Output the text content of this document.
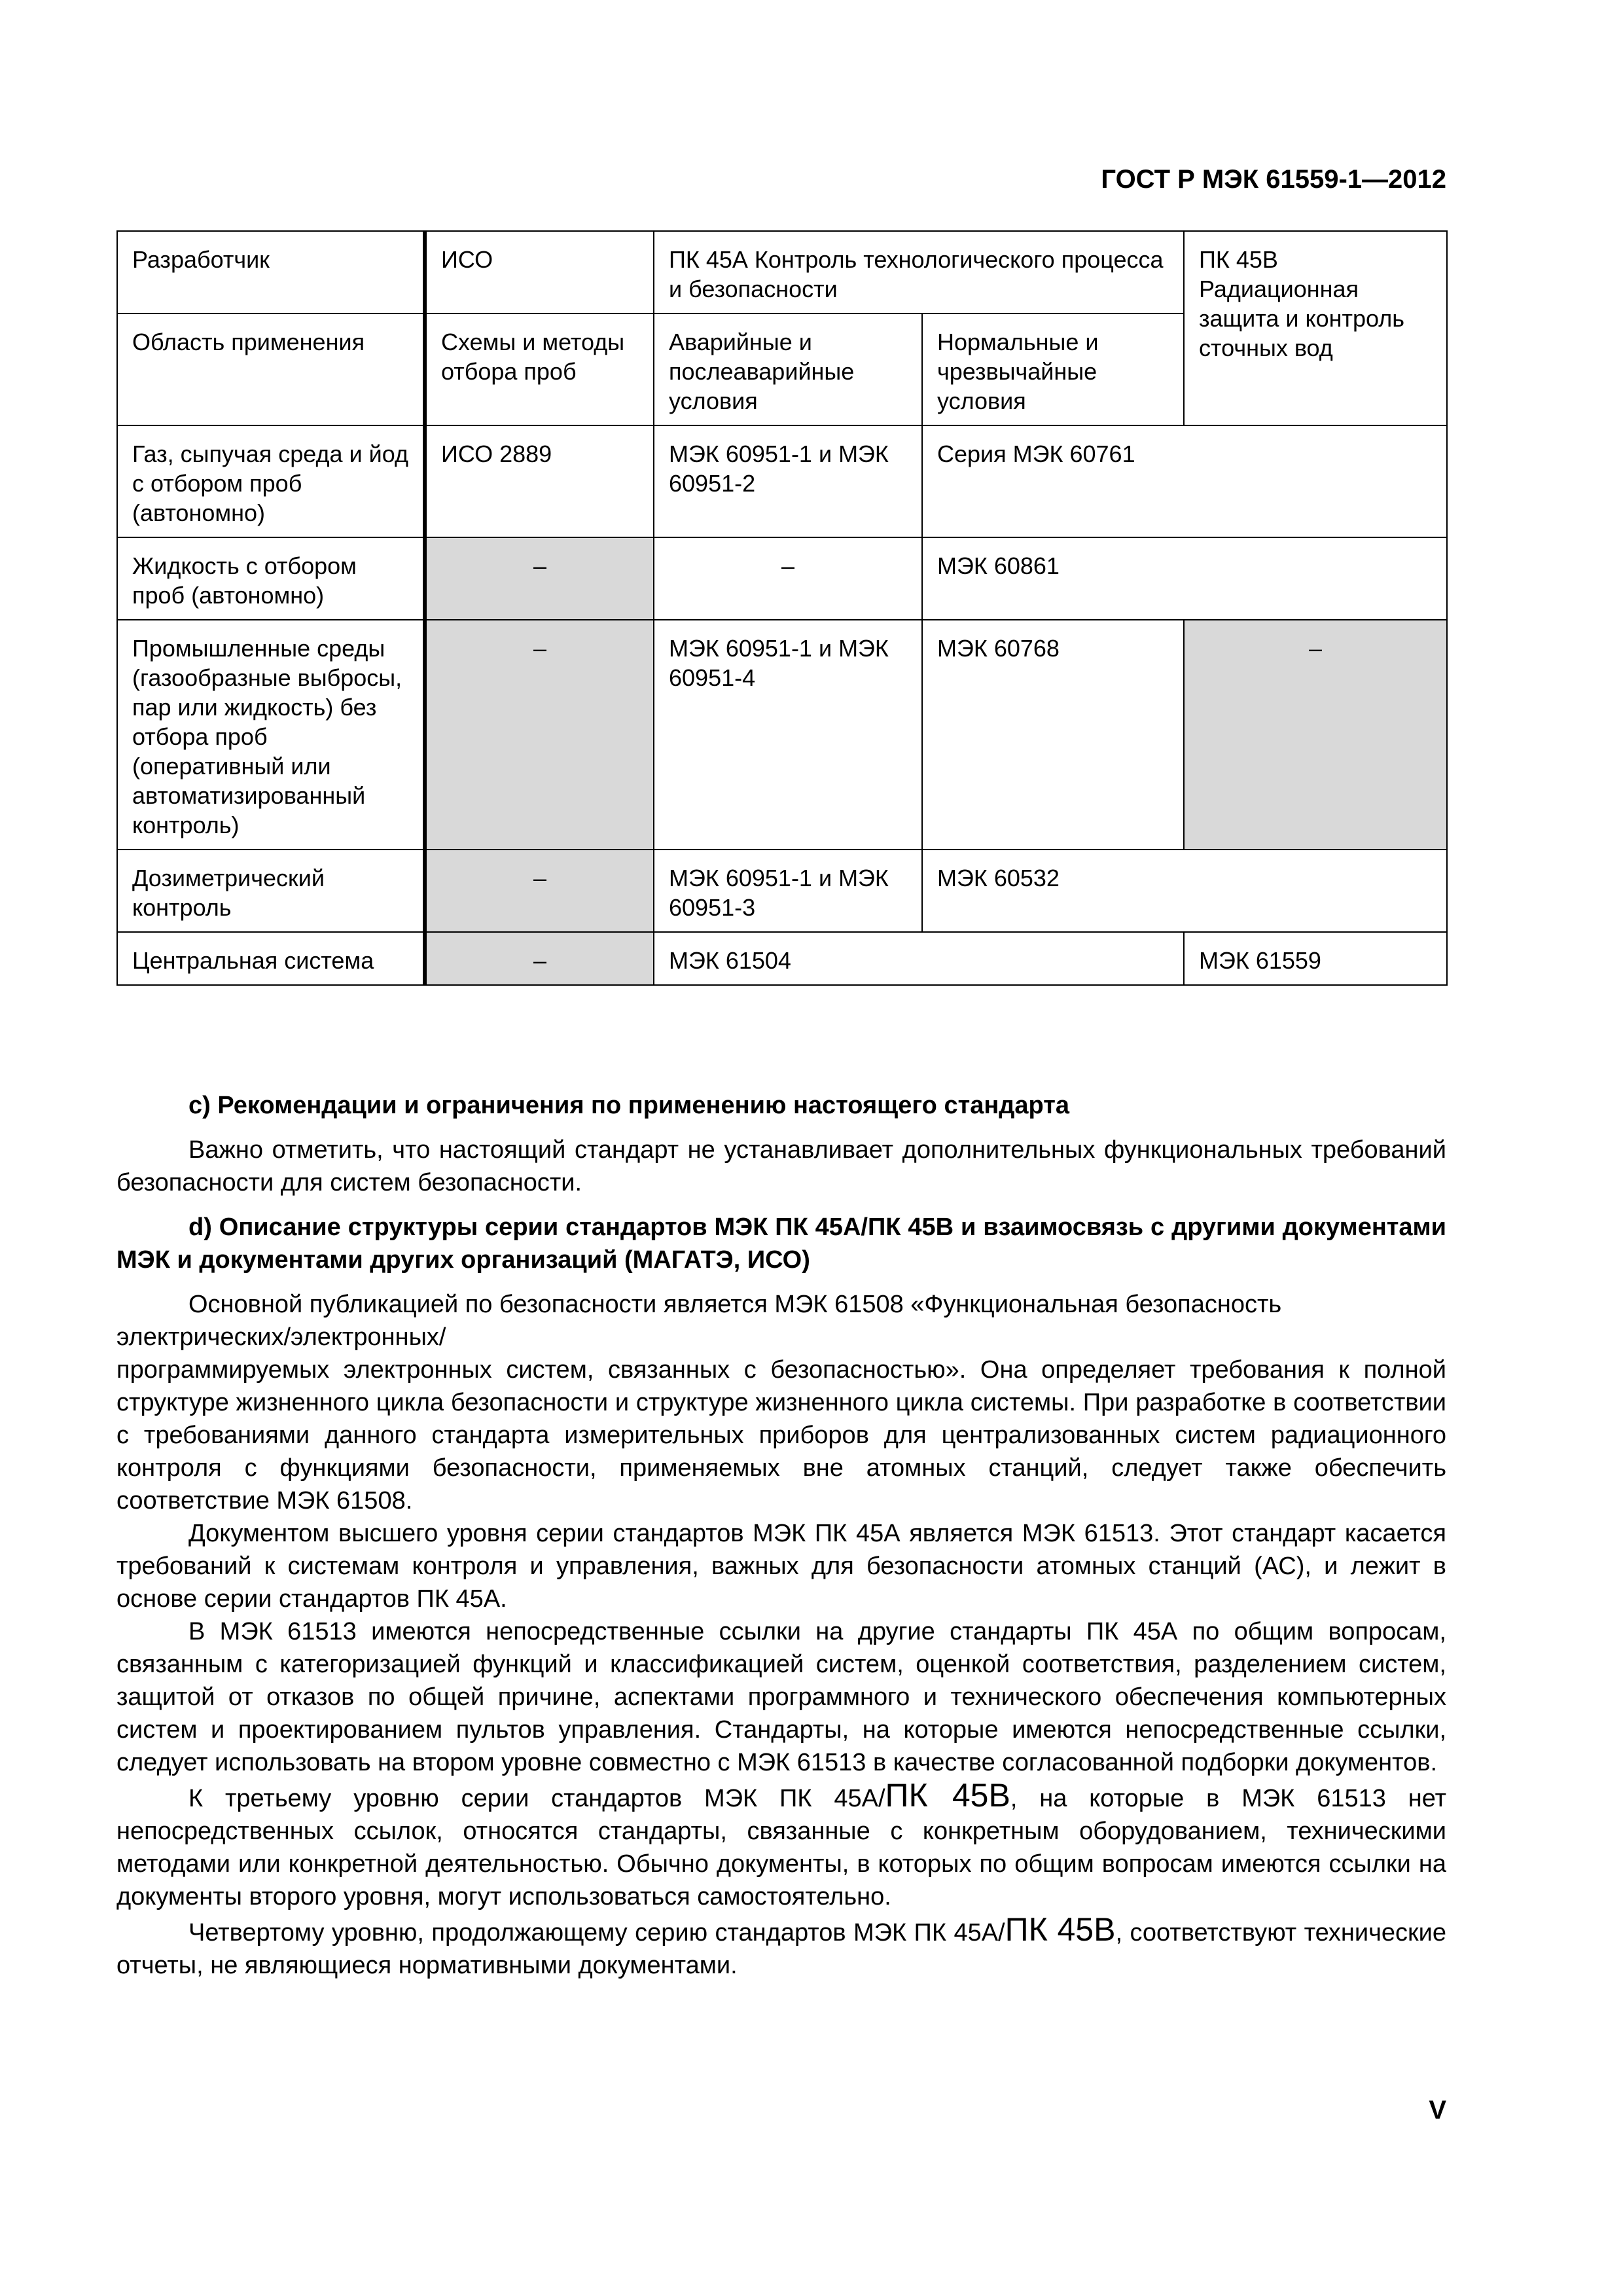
ГОСТ Р МЭК 61559-1—2012
Разработчик	ИСО	ПК 45А Контроль технологического процесса и безопасности		ПК 45В Радиационная защита и контроль сточных вод
Область применения	Схемы и методы отбора проб	Аварийные и послеаварийные условия	Нормальные и чрезвычайные условия	
Газ, сыпучая среда и йод с отбором проб (автономно)	ИСО 2889	МЭК 60951-1 и МЭК 60951-2	Серия МЭК 60761	
Жидкость с отбором проб (автономно)	–	–	МЭК 60861	
Промышленные среды (газообразные выбросы, пар или жидкость) без отбора проб (оперативный или автоматизированный контроль)	–	МЭК 60951-1 и МЭК 60951-4	МЭК 60768	–
Дозиметрический контроль	–	МЭК 60951-1 и МЭК 60951-3	МЭК 60532	
Центральная система	–	МЭК 61504		МЭК 61559

с) Рекомендации и ограничения по применению настоящего стандарта

Важно отметить, что настоящий стандарт не устанавливает дополнительных функциональных требований безопасности для систем безопасности.

d) Описание структуры серии стандартов МЭК ПК 45А/ПК 45В и взаимосвязь с другими документами МЭК и документами других организаций (МАГАТЭ, ИСО)

Основной публикацией по безопасности является МЭК 61508 «Функциональная безопасность электрических/электронных/

программируемых электронных систем, связанных с безопасностью». Она определяет требования к полной структуре жизненного цикла безопасности и структуре жизненного цикла системы. При разработке в соответствии с требованиями данного стандарта измерительных приборов для централизованных систем радиационного контроля с функциями безопасности, применяемых вне атомных станций, следует также обеспечить соответствие МЭК 61508.

Документом высшего уровня серии стандартов МЭК ПК 45А является МЭК 61513. Этот стандарт касается требований к системам контроля и управления, важных для безопасности атомных станций (АС), и лежит в основе серии стандартов ПК 45А.

В МЭК 61513 имеются непосредственные ссылки на другие стандарты ПК 45А по общим вопросам, связанным с категоризацией функций и классификацией систем, оценкой соответствия, разделением систем, защитой от отказов по общей причине, аспектами программного и технического обеспечения компьютерных систем и проектированием пультов управления. Стандарты, на которые имеются непосредственные ссылки, следует использовать на втором уровне совместно с МЭК 61513 в качестве согласованной подборки документов.

К третьему уровню серии стандартов МЭК ПК 45А/ПК 45В, на которые в МЭК 61513 нет непосредственных ссылок, относятся стандарты, связанные с конкретным оборудованием, техническими методами или конкретной деятельностью. Обычно документы, в которых по общим вопросам имеются ссылки на документы второго уровня, могут использоваться самостоятельно.

Четвертому уровню, продолжающему серию стандартов МЭК ПК 45А/ПК 45В, соответствуют технические отчеты, не являющиеся нормативными документами.

V
